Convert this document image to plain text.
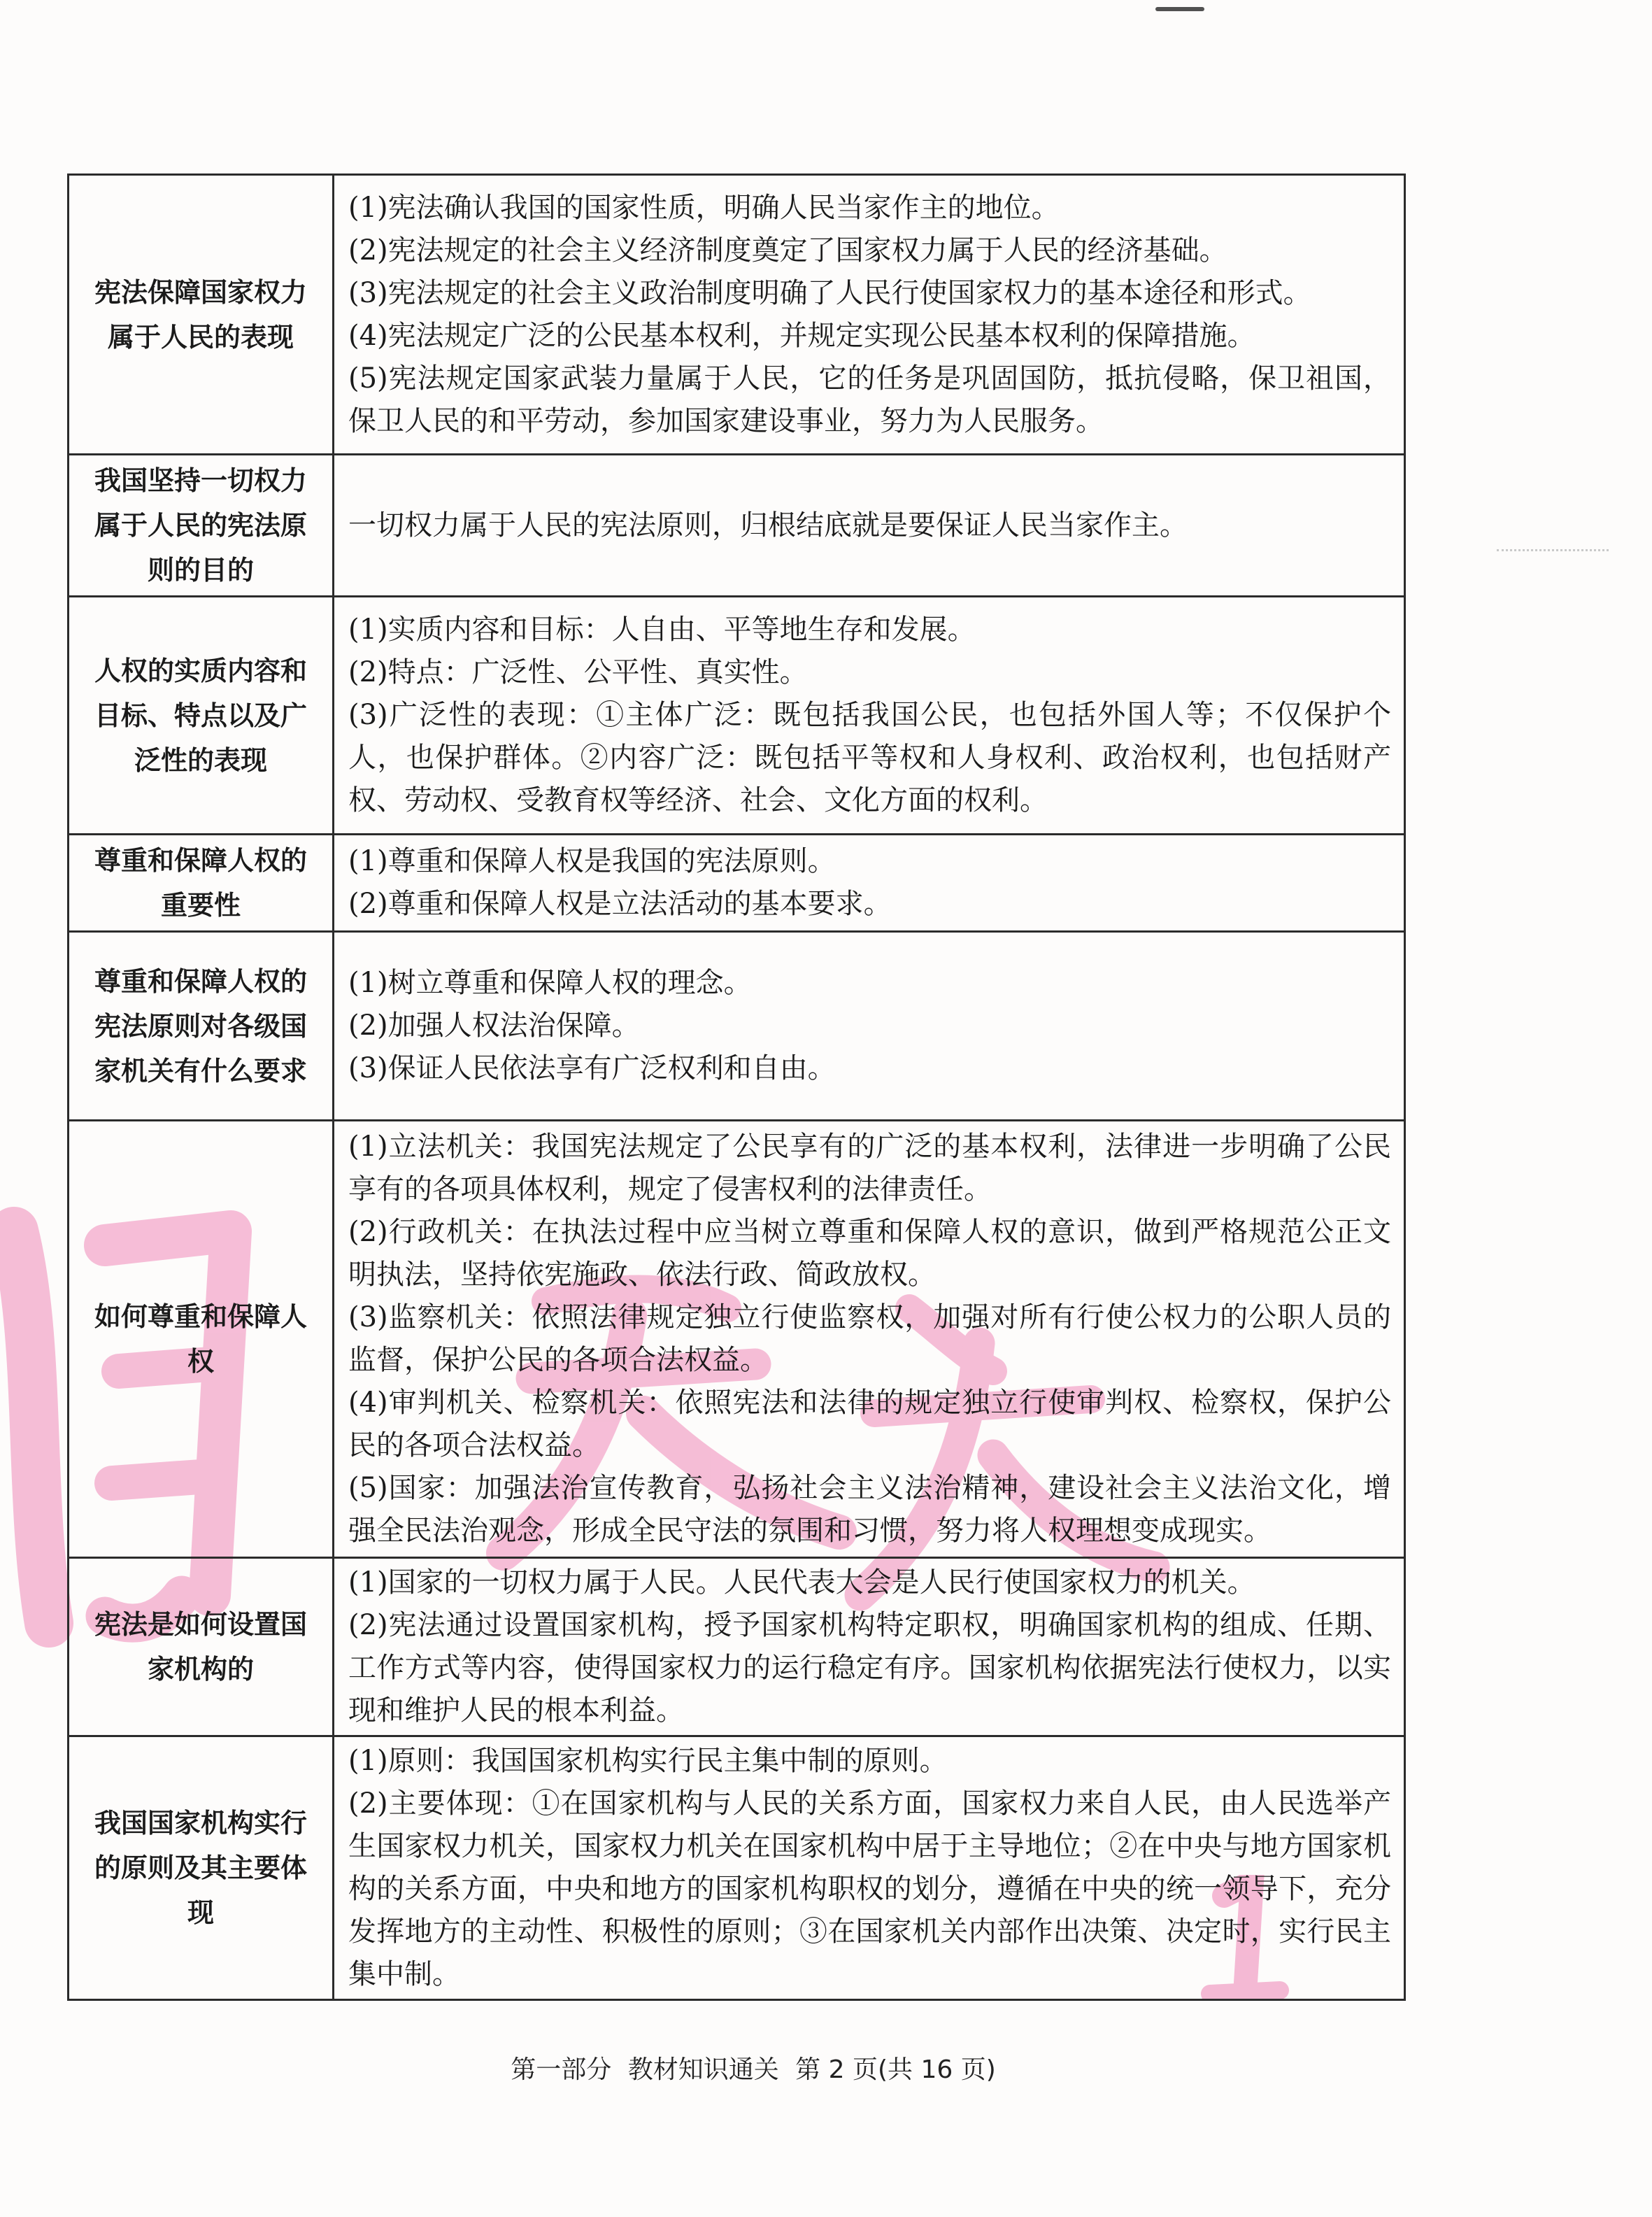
宪法保障国家权力属于人民的表现	(1)宪法确认我国的国家性质，明确人民当家作主的地位。
(2)宪法规定的社会主义经济制度奠定了国家权力属于人民的经济基础。
(3)宪法规定的社会主义政治制度明确了人民行使国家权力的基本途径和形式。
(4)宪法规定广泛的公民基本权利，并规定实现公民基本权利的保障措施。
(5)宪法规定国家武装力量属于人民，它的任务是巩固国防，抵抗侵略，保卫祖国，保卫人民的和平劳动，参加国家建设事业，努力为人民服务。

我国坚持一切权力属于人民的宪法原则的目的	一切权力属于人民的宪法原则，归根结底就是要保证人民当家作主。

人权的实质内容和目标、特点以及广泛性的表现	(1)实质内容和目标：人自由、平等地生存和发展。
(2)特点：广泛性、公平性、真实性。
(3)广泛性的表现：①主体广泛：既包括我国公民，也包括外国人等；不仅保护个人，也保护群体。②内容广泛：既包括平等权和人身权利、政治权利，也包括财产权、劳动权、受教育权等经济、社会、文化方面的权利。

尊重和保障人权的重要性	(1)尊重和保障人权是我国的宪法原则。
(2)尊重和保障人权是立法活动的基本要求。

尊重和保障人权的宪法原则对各级国家机关有什么要求	(1)树立尊重和保障人权的理念。
(2)加强人权法治保障。
(3)保证人民依法享有广泛权利和自由。

如何尊重和保障人权	(1)立法机关：我国宪法规定了公民享有的广泛的基本权利，法律进一步明确了公民享有的各项具体权利，规定了侵害权利的法律责任。
(2)行政机关：在执法过程中应当树立尊重和保障人权的意识，做到严格规范公正文明执法，坚持依宪施政、依法行政、简政放权。
(3)监察机关：依照法律规定独立行使监察权，加强对所有行使公权力的公职人员的监督，保护公民的各项合法权益。
(4)审判机关、检察机关：依照宪法和法律的规定独立行使审判权、检察权，保护公民的各项合法权益。
(5)国家：加强法治宣传教育，弘扬社会主义法治精神，建设社会主义法治文化，增强全民法治观念，形成全民守法的氛围和习惯，努力将人权理想变成现实。

宪法是如何设置国家机构的	(1)国家的一切权力属于人民。人民代表大会是人民行使国家权力的机关。
(2)宪法通过设置国家机构，授予国家机构特定职权，明确国家机构的组成、任期、工作方式等内容，使得国家权力的运行稳定有序。国家机构依据宪法行使权力，以实现和维护人民的根本利益。

我国国家机构实行的原则及其主要体现	(1)原则：我国国家机构实行民主集中制的原则。
(2)主要体现：①在国家机构与人民的关系方面，国家权力来自人民，由人民选举产生国家权力机关，国家权力机关在国家机构中居于主导地位；②在中央与地方国家机构的关系方面，中央和地方的国家机构职权的划分，遵循在中央的统一领导下，充分发挥地方的主动性、积极性的原则；③在国家机关内部作出决策、决定时，实行民主集中制。
第一部分 教材知识通关 第 2 页(共 16 页)
